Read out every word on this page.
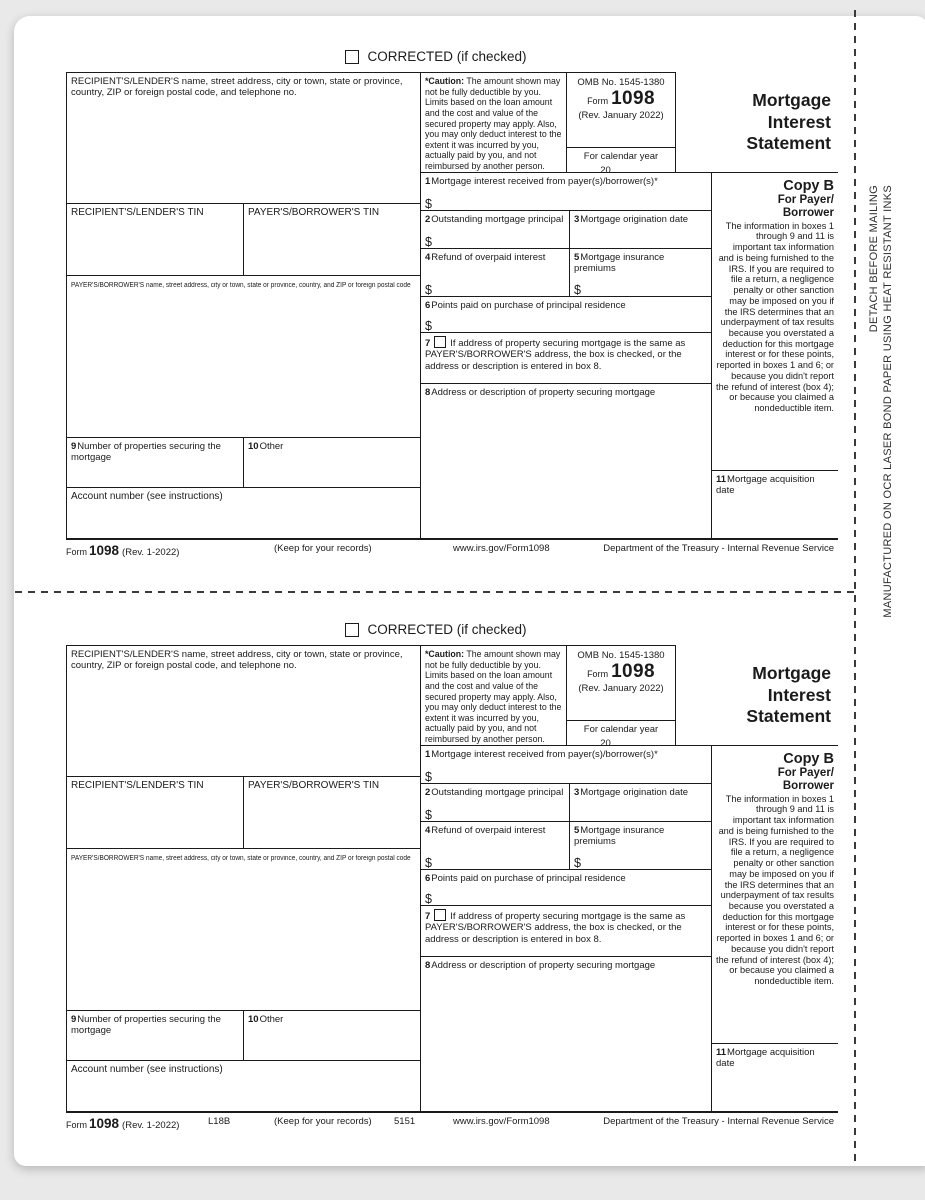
CORRECTED (if checked)
RECIPIENT'S/LENDER'S name, street address, city or town, state or province, country, ZIP or foreign postal code, and telephone no.
*Caution: The amount shown may not be fully deductible by you. Limits based on the loan amount and the cost and value of the secured property may apply. Also, you may only deduct interest to the extent it was incurred by you, actually paid by you, and not reimbursed by another person.
OMB No. 1545-1380
Form 1098
(Rev. January 2022)
For calendar year
20
Mortgage Interest Statement
1Mortgage interest received from payer(s)/borrower(s)*
$
RECIPIENT'S/LENDER'S TIN	PAYER'S/BORROWER'S TIN
2Outstanding mortgage principal
$
3Mortgage origination date
4Refund of overpaid interest
$
5Mortgage insurance premiums
$
PAYER'S/BORROWER'S name, street address, city or town, state or province, country, and ZIP or foreign postal code
6Points paid on purchase of principal residence
$
7 If address of property securing mortgage is the same as PAYER'S/BORROWER'S address, the box is checked, or the address or description is entered in box 8.
8Address or description of property securing mortgage
Copy B
For Payer/
Borrower
The information in boxes 1 through 9 and 11 is important tax information and is being furnished to the IRS. If you are required to file a return, a negligence penalty or other sanction may be imposed on you if the IRS determines that an underpayment of tax results because you overstated a deduction for this mortgage interest or for these points, reported in boxes 1 and 6; or because you didn't report the refund of interest (box 4); or because you claimed a nondeductible item.
9Number of properties securing the mortgage
10Other
11Mortgage acquisition date
Account number (see instructions)
Form 1098 (Rev. 1-2022)	(Keep for your records)	www.irs.gov/Form1098	Department of the Treasury - Internal Revenue Service
CORRECTED (if checked)
RECIPIENT'S/LENDER'S name, street address, city or town, state or province, country, ZIP or foreign postal code, and telephone no.
*Caution: The amount shown may not be fully deductible by you. Limits based on the loan amount and the cost and value of the secured property may apply. Also, you may only deduct interest to the extent it was incurred by you, actually paid by you, and not reimbursed by another person.
OMB No. 1545-1380
Form 1098
(Rev. January 2022)
For calendar year
20
Mortgage Interest Statement
1Mortgage interest received from payer(s)/borrower(s)*
$
RECIPIENT'S/LENDER'S TIN	PAYER'S/BORROWER'S TIN
2Outstanding mortgage principal
$
3Mortgage origination date
4Refund of overpaid interest
$
5Mortgage insurance premiums
$
PAYER'S/BORROWER'S name, street address, city or town, state or province, country, and ZIP or foreign postal code
6Points paid on purchase of principal residence
$
7 If address of property securing mortgage is the same as PAYER'S/BORROWER'S address, the box is checked, or the address or description is entered in box 8.
8Address or description of property securing mortgage
Copy B
For Payer/
Borrower
The information in boxes 1 through 9 and 11 is important tax information and is being furnished to the IRS. If you are required to file a return, a negligence penalty or other sanction may be imposed on you if the IRS determines that an underpayment of tax results because you overstated a deduction for this mortgage interest or for these points, reported in boxes 1 and 6; or because you didn't report the refund of interest (box 4); or because you claimed a nondeductible item.
9Number of properties securing the mortgage
10Other
11Mortgage acquisition date
Account number (see instructions)
Form 1098 (Rev. 1-2022)	L18B	(Keep for your records) 5151	www.irs.gov/Form1098	Department of the Treasury - Internal Revenue Service
DETACH BEFORE MAILING MANUFACTURED ON OCR LASER BOND PAPER USING HEAT RESISTANT INKS
